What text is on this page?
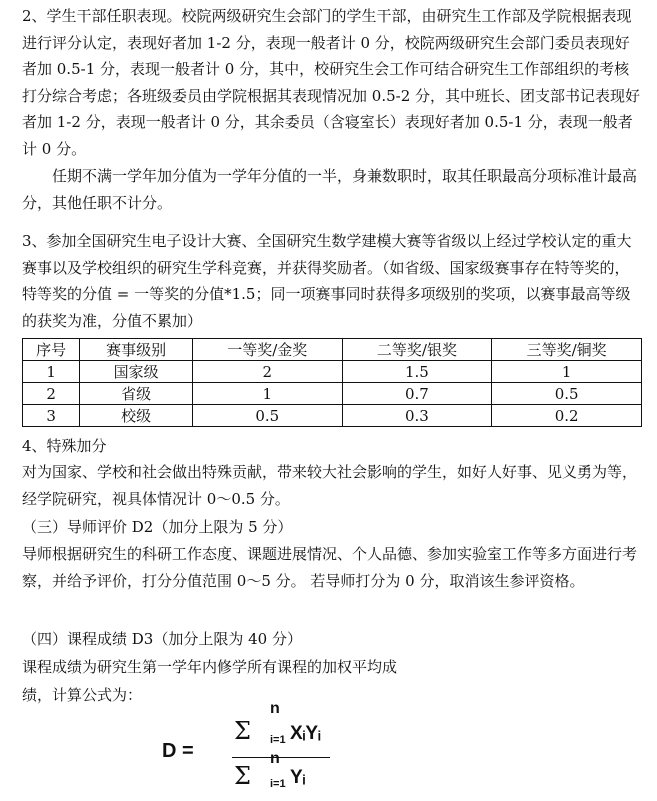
2、学生干部任职表现。校院两级研究生会部门的学生干部，由研究生工作部及学院根据表现进行评分认定，表现好者加 1-2 分，表现一般者计 0 分，校院两级研究生会部门委员表现好者加 0.5-1 分，表现一般者计 0 分，其中，校研究生会工作可结合研究生工作部组织的考核打分综合考虑；各班级委员由学院根据其表现情况加 0.5-2 分，其中班长、团支部书记表现好者加 1-2 分，表现一般者计 0 分，其余委员（含寝室长）表现好者加 0.5-1 分，表现一般者计 0 分。

任期不满一学年加分值为一学年分值的一半，身兼数职时，取其任职最高分项标准计最高分，其他任职不计分。

3、参加全国研究生电子设计大赛、全国研究生数学建模大赛等省级以上经过学校认定的重大赛事以及学校组织的研究生学科竞赛，并获得奖励者。（如省级、国家级赛事存在特等奖的，特等奖的分值 = 一等奖的分值*1.5；同一项赛事同时获得多项级别的奖项，以赛事最高等级的获奖为准，分值不累加）

序号	赛事级别	一等奖/金奖	二等奖/银奖	三等奖/铜奖
1	国家级	2	1.5	1
2	省级	1	0.7	0.5
3	校级	0.5	0.3	0.2

4、特殊加分

对为国家、学校和社会做出特殊贡献，带来较大社会影响的学生，如好人好事、见义勇为等，经学院研究，视具体情况计 0～0.5 分。

（三）导师评价 D2（加分上限为 5 分）

导师根据研究生的科研工作态度、课题进展情况、个人品德、参加实验室工作等多方面进行考察，并给予评价，打分分值范围 0～5 分。 若导师打分为 0 分，取消该生参评资格。

（四）课程成绩 D3（加分上限为 40 分）

课程成绩为研究生第一学年内修学所有课程的加权平均成

绩，计算公式为：

D =
n
Σ i=1 XᵢYᵢ
n
Σ i=1 Yᵢ
